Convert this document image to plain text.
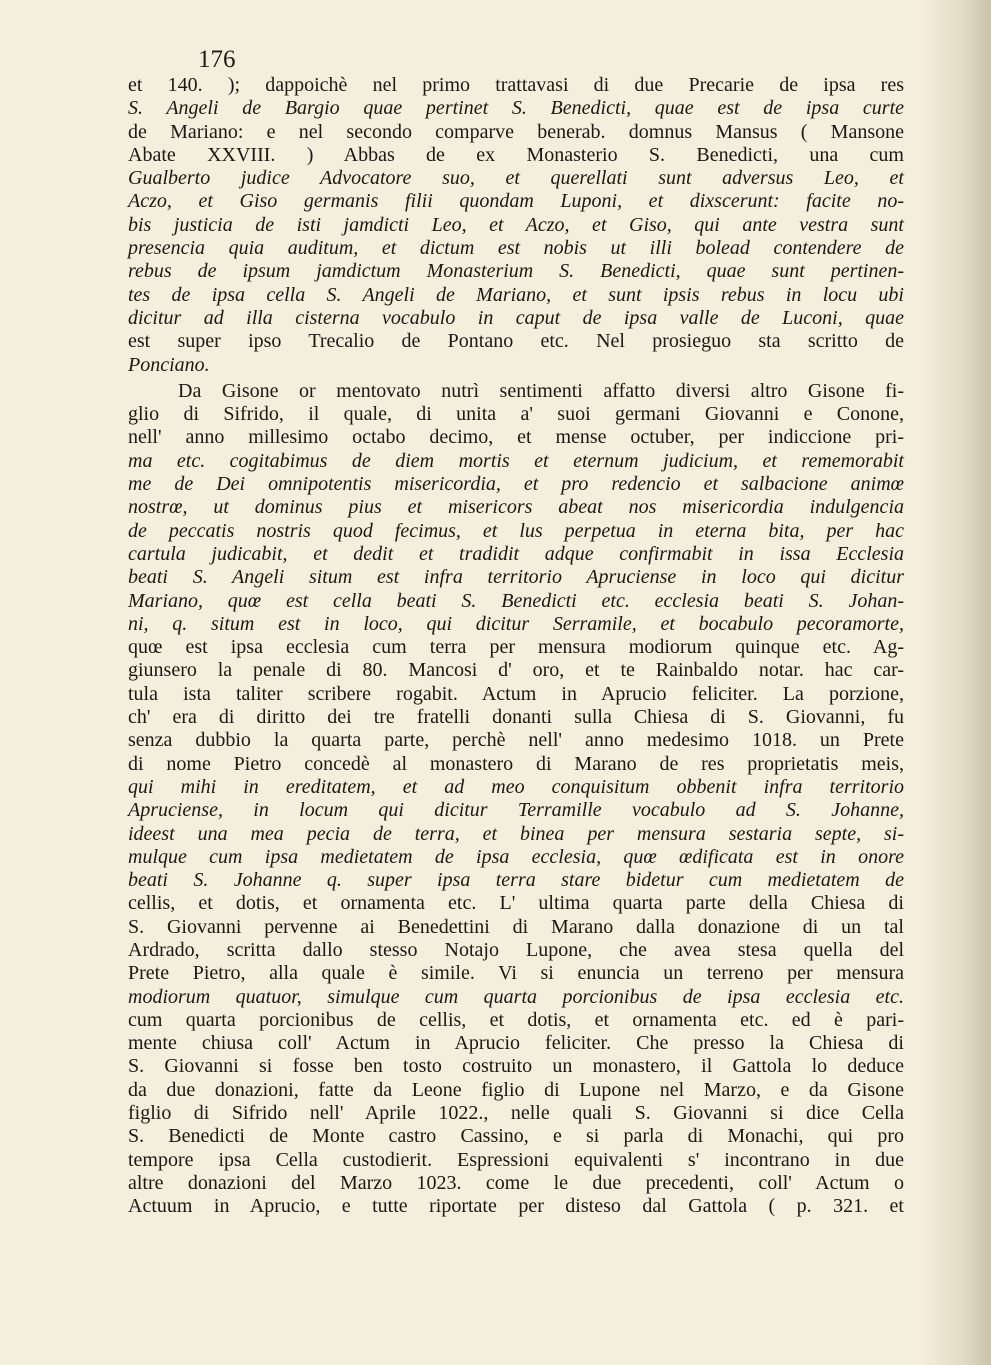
176
et 140. ); dappoichè nel primo trattavasi di due Precarie de ipsa res
S. Angeli de Bargio quae pertinet S. Benedicti, quae est de ipsa curte
de Mariano: e nel secondo comparve benerab. domnus Mansus ( Mansone
Abate XXVIII. ) Abbas de ex Monasterio S. Benedicti, una cum
Gualberto judice Advocatore suo, et querellati sunt adversus Leo, et
Aczo, et Giso germanis filii quondam Luponi, et dixscerunt: facite no-
bis justicia de isti jamdicti Leo, et Aczo, et Giso, qui ante vestra sunt
presencia quia auditum, et dictum est nobis ut illi bolead contendere de
rebus de ipsum jamdictum Monasterium S. Benedicti, quae sunt pertinen-
tes de ipsa cella S. Angeli de Mariano, et sunt ipsis rebus in locu ubi
dicitur ad illa cisterna vocabulo in caput de ipsa valle de Luconi, quae
est super ipso Trecalio de Pontano etc. Nel prosieguo sta scritto de
Ponciano.
Da Gisone or mentovato nutrì sentimenti affatto diversi altro Gisone fi-
glio di Sifrido, il quale, di unita a' suoi germani Giovanni e Conone,
nell' anno millesimo octabo decimo, et mense octuber, per indiccione pri-
ma etc. cogitabimus de diem mortis et eternum judicium, et rememorabit
me de Dei omnipotentis misericordia, et pro redencio et salbacione animœ
nostrœ, ut dominus pius et misericors abeat nos misericordia indulgencia
de peccatis nostris quod fecimus, et lus perpetua in eterna bita, per hac
cartula judicabit, et dedit et tradidit adque confirmabit in issa Ecclesia
beati S. Angeli situm est infra territorio Apruciense in loco qui dicitur
Mariano, quœ est cella beati S. Benedicti etc. ecclesia beati S. Johan-
ni, q. situm est in loco, qui dicitur Serramile, et bocabulo pecoramorte,
quœ est ipsa ecclesia cum terra per mensura modiorum quinque etc. Ag-
giunsero la penale di 80. Mancosi d' oro, et te Rainbaldo notar. hac car-
tula ista taliter scribere rogabit. Actum in Aprucio feliciter. La porzione,
ch' era di diritto dei tre fratelli donanti sulla Chiesa di S. Giovanni, fu
senza dubbio la quarta parte, perchè nell' anno medesimo 1018. un Prete
di nome Pietro concedè al monastero di Marano de res proprietatis meis,
qui mihi in ereditatem, et ad meo conquisitum obbenit infra territorio
Apruciense, in locum qui dicitur Terramille vocabulo ad S. Johanne,
ideest una mea pecia de terra, et binea per mensura sestaria septe, si-
mulque cum ipsa medietatem de ipsa ecclesia, quœ œdificata est in onore
beati S. Johanne q. super ipsa terra stare bidetur cum medietatem de
cellis, et dotis, et ornamenta etc. L' ultima quarta parte della Chiesa di
S. Giovanni pervenne ai Benedettini di Marano dalla donazione di un tal
Ardrado, scritta dallo stesso Notajo Lupone, che avea stesa quella del
Prete Pietro, alla quale è simile. Vi si enuncia un terreno per mensura
modiorum quatuor, simulque cum quarta porcionibus de ipsa ecclesia etc.
cum quarta porcionibus de cellis, et dotis, et ornamenta etc. ed è pari-
mente chiusa coll' Actum in Aprucio feliciter. Che presso la Chiesa di
S. Giovanni si fosse ben tosto costruito un monastero, il Gattola lo deduce
da due donazioni, fatte da Leone figlio di Lupone nel Marzo, e da Gisone
figlio di Sifrido nell' Aprile 1022., nelle quali S. Giovanni si dice Cella
S. Benedicti de Monte castro Cassino, e si parla di Monachi, qui pro
tempore ipsa Cella custodierit. Espressioni equivalenti s' incontrano in due
altre donazioni del Marzo 1023. come le due precedenti, coll' Actum o
Actuum in Aprucio, e tutte riportate per disteso dal Gattola ( p. 321. et
